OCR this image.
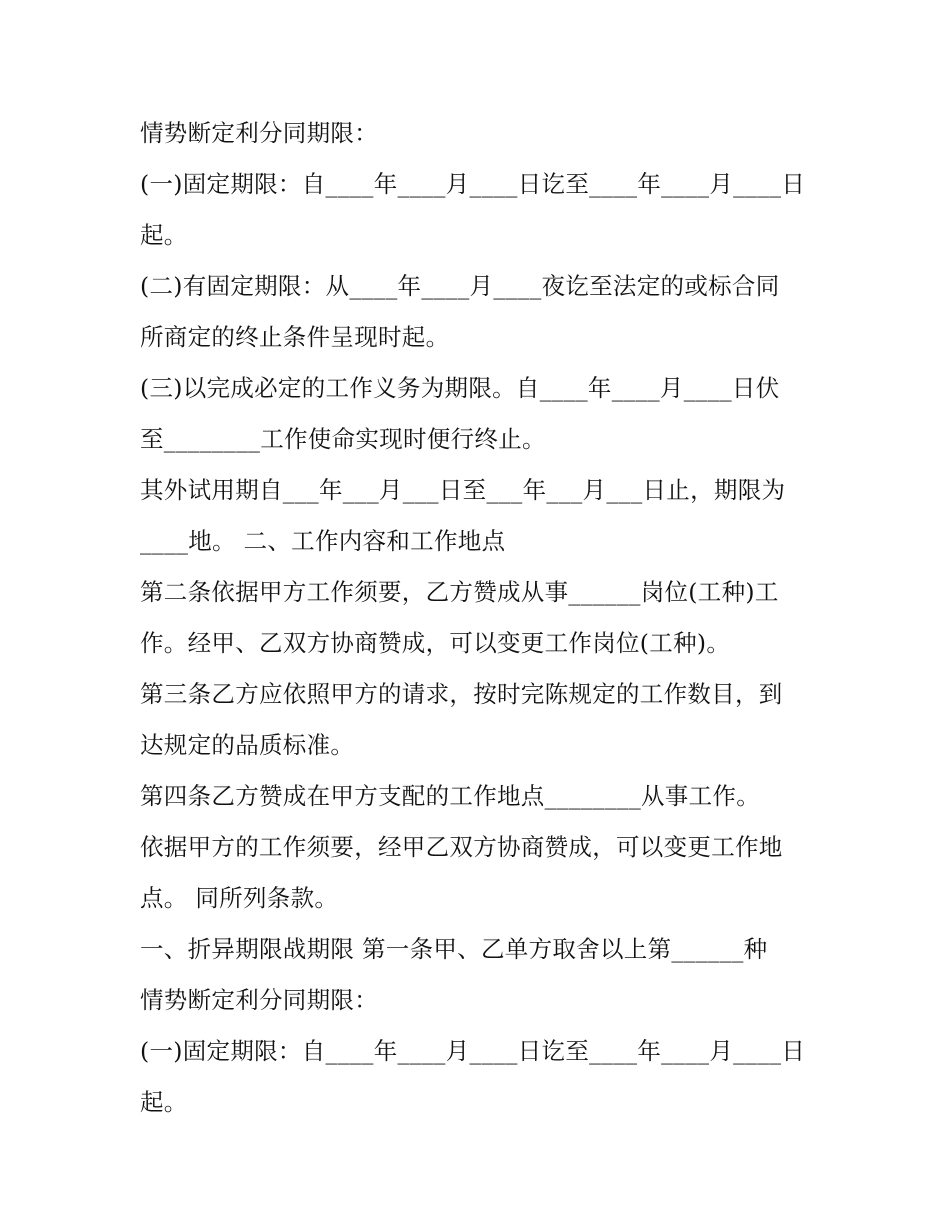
情势断定利分同期限：
(一)固定期限：自____年____月____日讫至____年____月____日
起。
(二)有固定期限：从____年____月____夜讫至法定的或标合同
所商定的终止条件呈现时起。
(三)以完成必定的工作义务为期限。自____年____月____日伏
至________工作使命实现时便行终止。
其外试用期自___年___月___日至___年___月___日止，期限为
____地。 二、工作内容和工作地点
第二条依据甲方工作须要，乙方赞成从事______岗位(工种)工
作。经甲、乙双方协商赞成，可以变更工作岗位(工种)。
第三条乙方应依照甲方的请求，按时完陈规定的工作数目，到
达规定的品质标准。
第四条乙方赞成在甲方支配的工作地点________从事工作。
依据甲方的工作须要，经甲乙双方协商赞成，可以变更工作地
点。 同所列条款。
一、折异期限战期限 第一条甲、乙单方取舍以上第______种
情势断定利分同期限：
(一)固定期限：自____年____月____日讫至____年____月____日
起。
